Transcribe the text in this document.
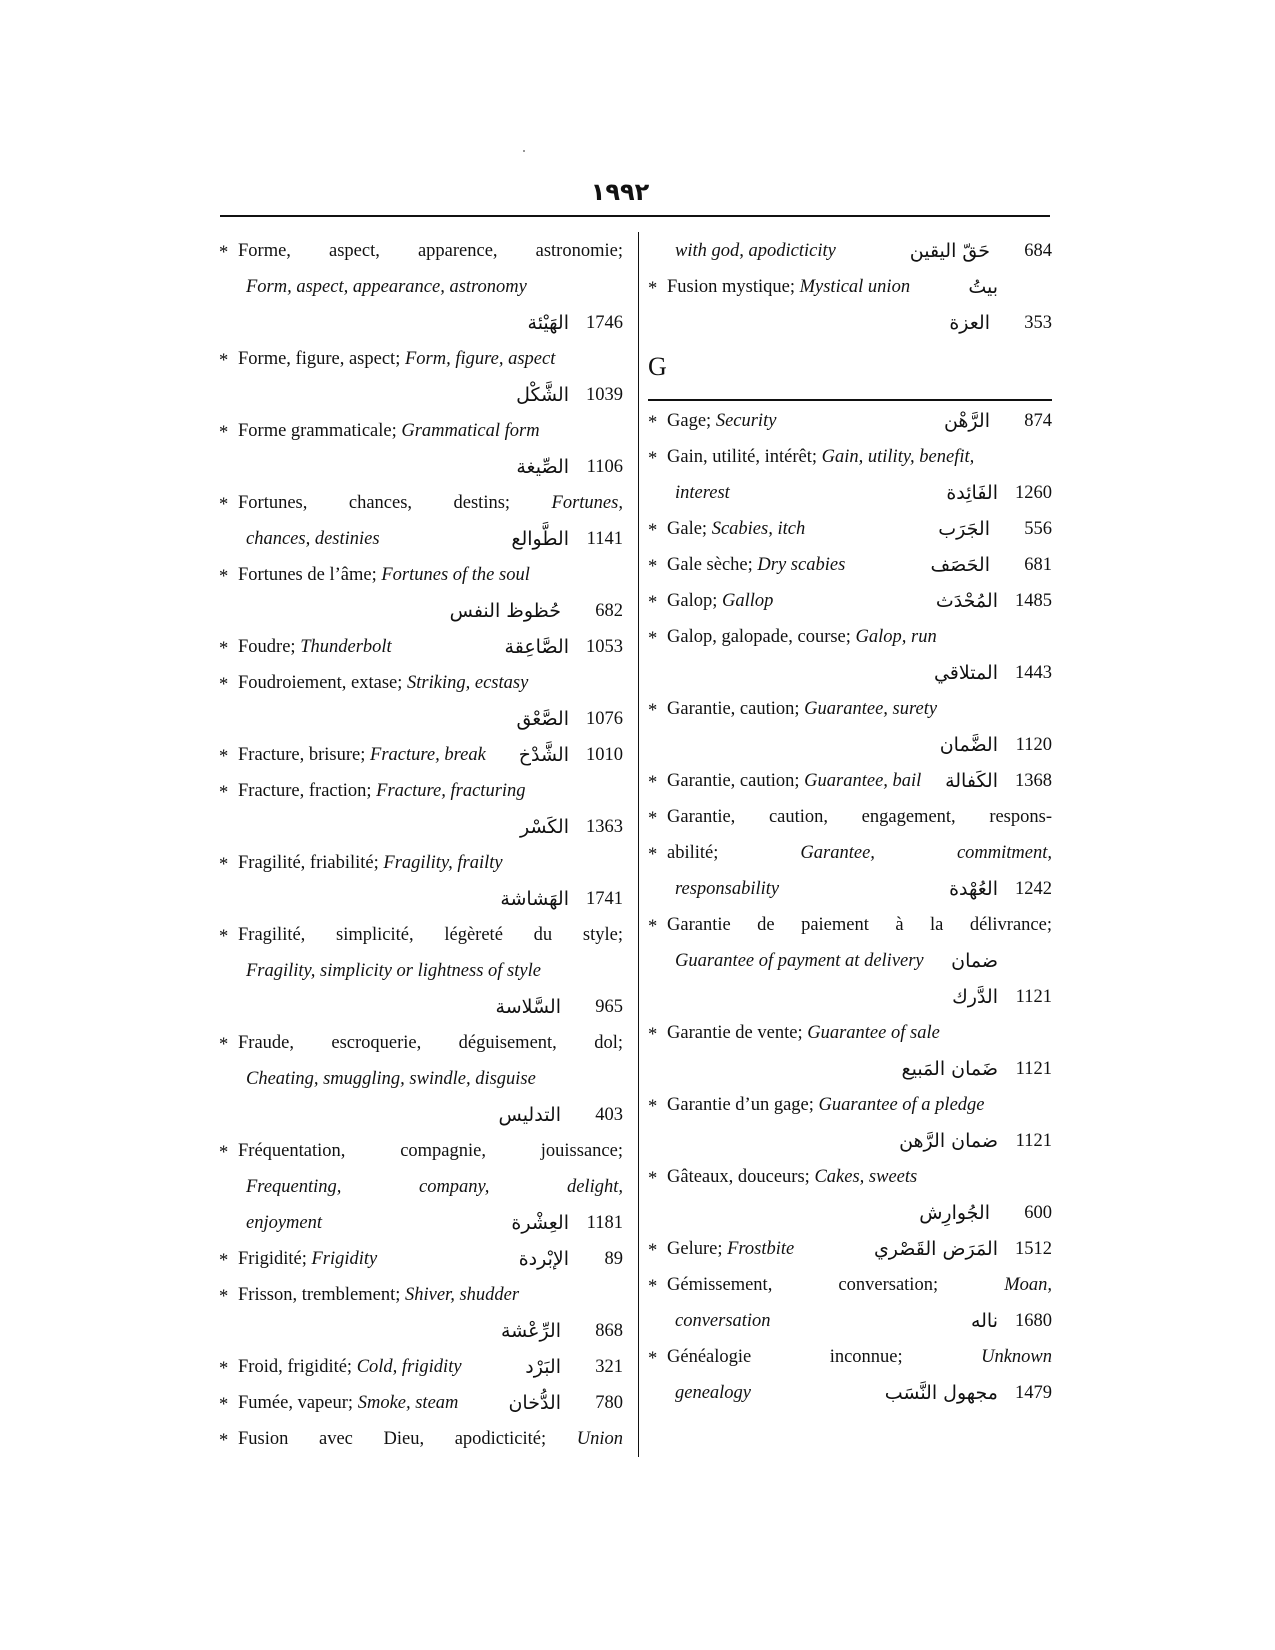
١٩٩٢
* Forme, aspect, apparence, astronomie;
Form, aspect, appearance, astronomy
الهَيْئة 1746
* Forme, figure, aspect; Form, figure, aspect
الشَّكْل 1039
* Forme grammaticale; Grammatical form
الصِّيغة 1106
* Fortunes, chances, destins; Fortunes,
chances, destinies	الطَّوالع 1141
* Fortunes de l’âme; Fortunes of the soul
حُظوظ النفس 682
* Foudre; Thunderbolt	الصَّاعِقة 1053
* Foudroiement, extase; Striking, ecstasy
الصَّعْق 1076
* Fracture, brisure; Fracture, break الشَّدْخ 1010
* Fracture, fraction; Fracture, fracturing
الكَسْر 1363
* Fragilité, friabilité; Fragility, frailty
الهَشاشة 1741
* Fragilité, simplicité, légèreté du style;
Fragility, simplicity or lightness of style
السَّلاسة 965
* Fraude, escroquerie, déguisement, dol;
Cheating, smuggling, swindle, disguise
التدليس 403
* Fréquentation,	compagnie,	jouissance;
Frequenting,	company,	delight,
enjoyment	العِشْرة 1181
* Frigidité; Frigidity	الإبْردة 89
* Frisson, tremblement; Shiver, shudder
الرِّعْشة 868
* Froid, frigidité; Cold, frigidity	البَرْد 321
* Fumée, vapeur; Smoke, steam	الدُّخان 780
* Fusion avec Dieu, apodicticité; Union
with god, apodicticity	حَقّ اليقين 684
* Fusion mystique; Mystical union	بيتُ
العزة 353
G
* Gage; Security	الرَّهْن 874
* Gain, utilité, intérêt; Gain, utility, benefit,
interest	الفَائِدة 1260
* Gale; Scabies, itch	الجَرَب 556
* Gale sèche; Dry scabies	الحَصَف 681
* Galop; Gallop	المُحْدَث 1485
* Galop, galopade, course; Galop, run
المتلاقي 1443
* Garantie, caution; Guarantee, surety
الضَّمان 1120
* Garantie, caution; Guarantee, bail الكَفالة 1368
* Garantie, caution, engagement, respons-
* abilité;	Garantee,	commitment,
responsability	العُهْدة 1242
* Garantie de paiement à la délivrance;
Guarantee of payment at delivery ضمان
الدَّرك 1121
* Garantie de vente; Guarantee of sale
ضَمان المَبيع 1121
* Garantie d’un gage; Guarantee of a pledge
ضمان الرَّهن 1121
* Gâteaux, douceurs; Cakes, sweets
الجُوارِش 600
* Gelure; Frostbite	المَرَض القَصْري 1512
* Gémissement,	conversation;	Moan,
conversation	ناله 1680
* Généalogie	inconnue;	Unknown
genealogy	مجهول النَّسَب 1479
